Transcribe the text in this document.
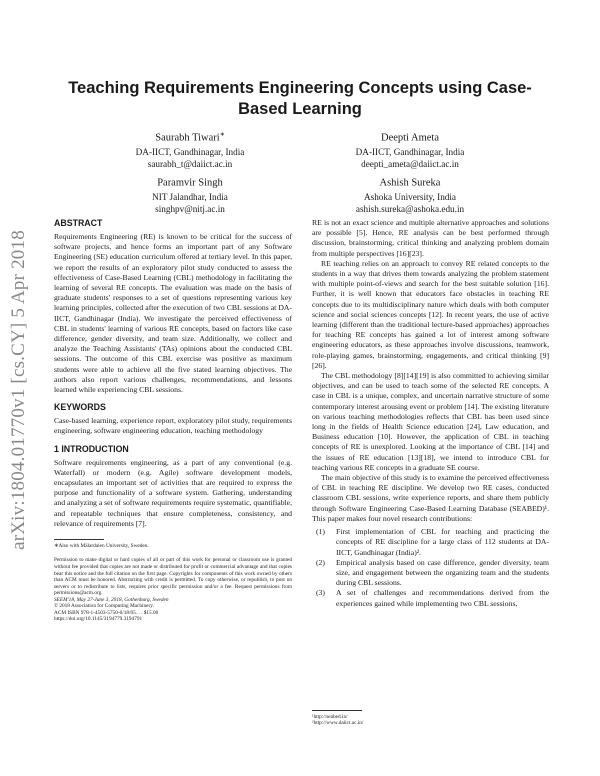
Teaching Requirements Engineering Concepts using Case-Based Learning
Saurabh Tiwari∗
DA-IICT, Gandhinagar, India
saurabh_t@daiict.ac.in
Deepti Ameta
DA-IICT, Gandhinagar, India
deepti_ameta@daiict.ac.in
Paramvir Singh
NIT Jalandhar, India
singhpv@nitj.ac.in
Ashish Sureka
Ashoka University, India
ashish.sureka@ashoka.edu.in
arXiv:1804.01770v1 [cs.CY] 5 Apr 2018
ABSTRACT

Requirements Engineering (RE) is known to be critical for the success of software projects, and hence forms an important part of any Software Engineering (SE) education curriculum offered at tertiary level. In this paper, we report the results of an exploratory pilot study conducted to assess the effectiveness of Case-Based Learning (CBL) methodology in facilitating the learning of several RE concepts. The evaluation was made on the basis of graduate students' responses to a set of questions representing various key learning principles, collected after the execution of two CBL sessions at DA-IICT, Gandhinagar (India). We investigate the perceived effectiveness of CBL in students' learning of various RE concepts, based on factors like case difference, gender diversity, and team size. Additionally, we collect and analyze the Teaching Assistants' (TAs) opinions about the conducted CBL sessions. The outcome of this CBL exercise was positive as maximum students were able to achieve all the five stated learning objectives. The authors also report various challenges, recommendations, and lessons learned while experiencing CBL sessions.

KEYWORDS

Case-based learning, experience report, exploratory pilot study, requirements engineering, software engineering education, teaching methodology

1 INTRODUCTION

Software requirements engineering, as a part of any conventional (e.g. Waterfall) or modern (e.g. Agile) software development models, encapsulates an important set of activities that are required to express the purpose and functionality of a software system. Gathering, understanding and analyzing a set of software requirements require systematic, quantifiable, and repeatable techniques that ensure completeness, consistency, and relevance of requirements [7].

∗Also with Mälardalen University, Sweden.
Permission to make digital or hard copies of all or part of this work for personal or classroom use is granted without fee provided that copies are not made or distributed for profit or commercial advantage and that copies bear this notice and the full citation on the first page. Copyrights for components of this work owned by others than ACM must be honored. Abstracting with credit is permitted. To copy otherwise, or republish, to post on servers or to redistribute to lists, requires prior specific permission and/or a fee. Request permissions from permissions@acm.org.
SEEM'18, May 27-June 3, 2018, Gothenburg, Sweden
© 2018 Association for Computing Machinery.
ACM ISBN 978-1-4503-5750-0/18/05. . . $15.00
https://doi.org/10.1145/3194779.3194791

RE is not an exact science and multiple alternative approaches and solutions are possible [5]. Hence, RE analysis can be best performed through discussion, brainstorming, critical thinking and analyzing problem domain from multiple perspectives [16][23].

RE teaching relies on an approach to convey RE related concepts to the students in a way that drives them towards analyzing the problem statement with multiple point-of-views and search for the best suitable solution [16]. Further, it is well known that educators face obstacles in teaching RE concepts due to its multidisciplinary nature which deals with both computer science and social sciences concepts [12]. In recent years, the use of active learning (different than the traditional lecture-based approaches) approaches for teaching RE concepts has gained a lot of interest among software engineering educators, as these approaches involve discussions, teamwork, role-playing games, brainstorming, engagements, and critical thinking [9][26].

The CBL methodology [8][14][19] is also committed to achieving similar objectives, and can be used to teach some of the selected RE concepts. A case in CBL is a unique, complex, and uncertain narrative structure of some contemporary interest arousing event or problem [14]. The existing literature on various teaching methodologies reflects that CBL has been used since long in the fields of Health Science education [24], Law education, and Business education [10]. However, the application of CBL in teaching concepts of RE is unexplored. Looking at the importance of CBL [14] and the issues of RE education [13][18], we intend to introduce CBL for teaching various RE concepts in a graduate SE course.

The main objective of this study is to examine the perceived effectiveness of CBL in teaching RE discipline. We develop two RE cases, conducted classroom CBL sessions, write experience reports, and share them publicly through Software Engineering Case-Based Learning Database (SEABED)¹. This paper makes four novel research contributions:

(1)	First implementation of CBL for teaching and practicing the concepts of RE discipline for a large class of 112 students at DA-IICT, Gandhinagar (India)².
(2)	Empirical analysis based on case difference, gender diversity, team size, and engagement between the organizing team and the students during CBL sessions.
(3)	A set of challenges and recommendations derived from the experiences gained while implementing two CBL sessions,
¹http://seabed.in/
²http://www.daiict.ac.in/
